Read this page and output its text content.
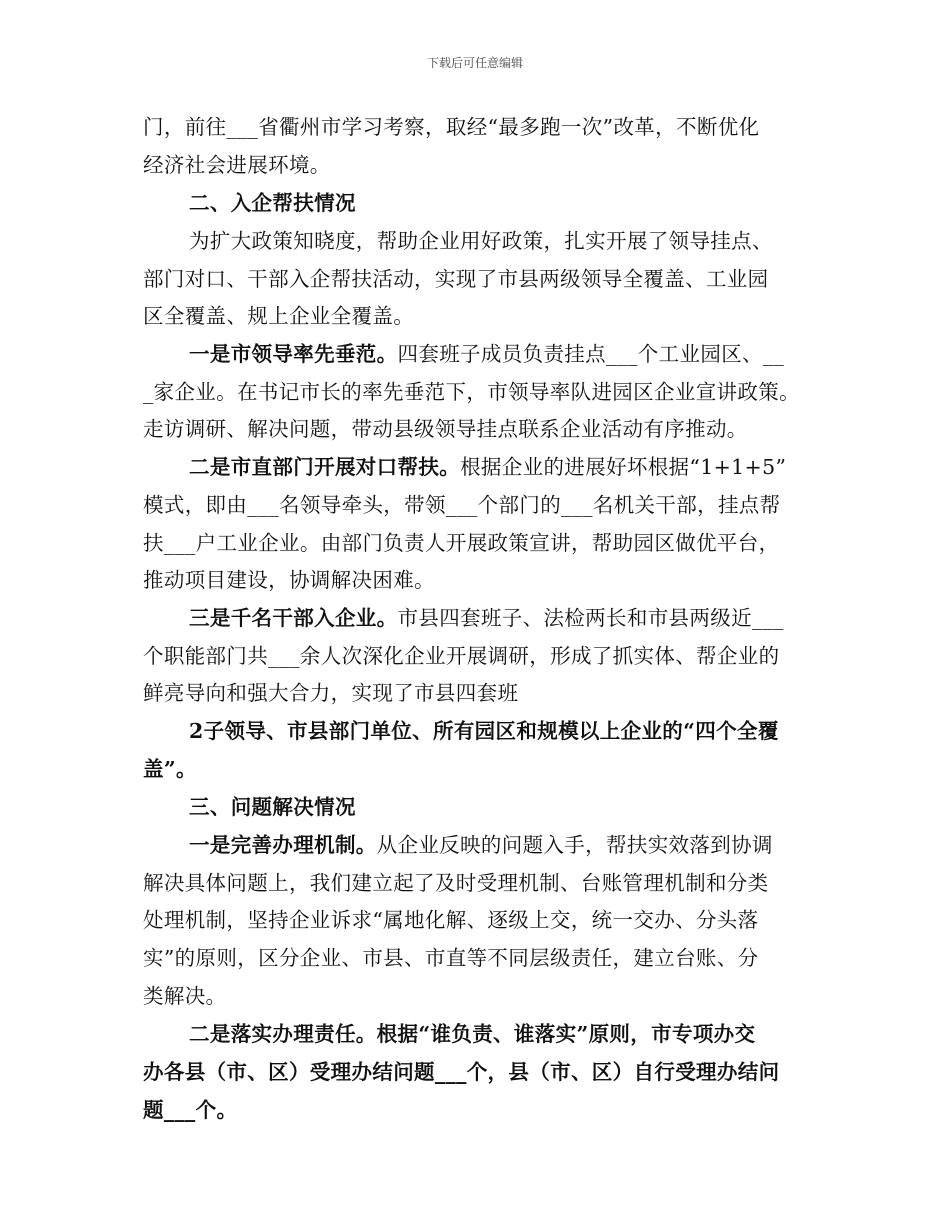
下载后可任意编辑
门，前往___省衢州市学习考察，取经“最多跑一次”改革，不断优化
经济社会进展环境。
二、入企帮扶情况
为扩大政策知晓度，帮助企业用好政策，扎实开展了领导挂点、
部门对口、干部入企帮扶活动，实现了市县两级领导全覆盖、工业园
区全覆盖、规上企业全覆盖。
一是市领导率先垂范。四套班子成员负责挂点___个工业园区、__
_家企业。在书记市长的率先垂范下，市领导率队进园区企业宣讲政策。
走访调研、解决问题，带动县级领导挂点联系企业活动有序推动。
二是市直部门开展对口帮扶。根据企业的进展好坏根据“1+1+5”
模式，即由___名领导牵头，带领___个部门的___名机关干部，挂点帮
扶___户工业企业。由部门负责人开展政策宣讲，帮助园区做优平台，
推动项目建设，协调解决困难。
三是千名干部入企业。市县四套班子、法检两长和市县两级近___
个职能部门共___余人次深化企业开展调研，形成了抓实体、帮企业的
鲜亮导向和强大合力，实现了市县四套班
2子领导、市县部门单位、所有园区和规模以上企业的“四个全覆
盖”。
三、问题解决情况
一是完善办理机制。从企业反映的问题入手，帮扶实效落到协调
解决具体问题上，我们建立起了及时受理机制、台账管理机制和分类
处理机制，坚持企业诉求“属地化解、逐级上交，统一交办、分头落
实”的原则，区分企业、市县、市直等不同层级责任，建立台账、分
类解决。
二是落实办理责任。根据“谁负责、谁落实”原则，市专项办交
办各县（市、区）受理办结问题___个，县（市、区）自行受理办结问
题___个。
